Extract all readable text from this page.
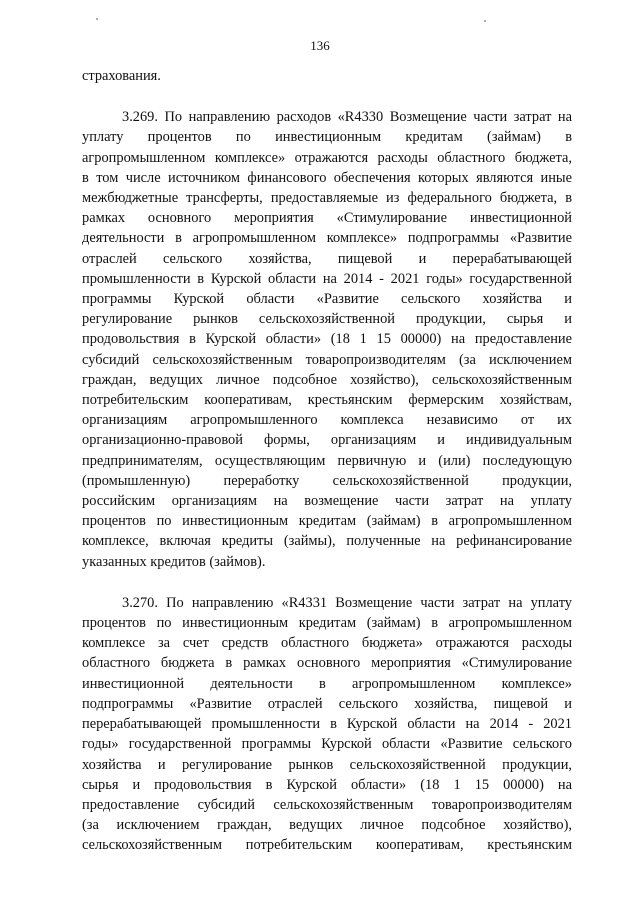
136
страхования.
3.269. По направлению расходов «R4330 Возмещение части затрат на
уплату процентов по инвестиционным кредитам (займам) в
агропромышленном комплексе» отражаются расходы областного бюджета,
в том числе источником финансового обеспечения которых являются иные
межбюджетные трансферты, предоставляемые из федерального бюджета, в
рамках основного мероприятия «Стимулирование инвестиционной
деятельности в агропромышленном комплексе» подпрограммы «Развитие
отраслей сельского хозяйства, пищевой и перерабатывающей
промышленности в Курской области на 2014 - 2021 годы» государственной
программы Курской области «Развитие сельского хозяйства и
регулирование рынков сельскохозяйственной продукции, сырья и
продовольствия в Курской области» (18 1 15 00000) на предоставление
субсидий сельскохозяйственным товаропроизводителям (за исключением
граждан, ведущих личное подсобное хозяйство), сельскохозяйственным
потребительским кооперативам, крестьянским фермерским хозяйствам,
организациям агропромышленного комплекса независимо от их
организационно-правовой формы, организациям и индивидуальным
предпринимателям, осуществляющим первичную и (или) последующую
(промышленную) переработку сельскохозяйственной продукции,
российским организациям на возмещение части затрат на уплату
процентов по инвестиционным кредитам (займам) в агропромышленном
комплексе, включая кредиты (займы), полученные на рефинансирование
указанных кредитов (займов).
3.270. По направлению «R4331 Возмещение части затрат на уплату
процентов по инвестиционным кредитам (займам) в агропромышленном
комплексе за счет средств областного бюджета» отражаются расходы
областного бюджета в рамках основного мероприятия «Стимулирование
инвестиционной деятельности в агропромышленном комплексе»
подпрограммы «Развитие отраслей сельского хозяйства, пищевой и
перерабатывающей промышленности в Курской области на 2014 - 2021
годы» государственной программы Курской области «Развитие сельского
хозяйства и регулирование рынков сельскохозяйственной продукции,
сырья и продовольствия в Курской области» (18 1 15 00000) на
предоставление субсидий сельскохозяйственным товаропроизводителям
(за исключением граждан, ведущих личное подсобное хозяйство),
сельскохозяйственным потребительским кооперативам, крестьянским
